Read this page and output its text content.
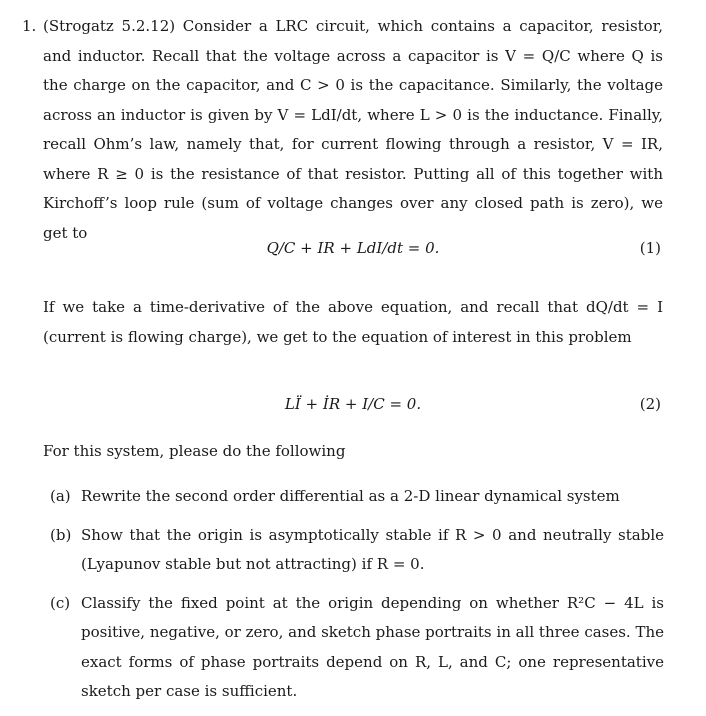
1. (Strogatz 5.2.12) Consider a LRC circuit, which contains a capacitor, resistor, and inductor. Recall that the voltage across a capacitor is V = Q/C where Q is the charge on the capacitor, and C > 0 is the capacitance. Similarly, the voltage across an inductor is given by V = LdI/dt, where L > 0 is the inductance. Finally, recall Ohm’s law, namely that, for current flowing through a resistor, V = IR, where R ≥ 0 is the resistance of that resistor. Putting all of this together with Kirchoff’s loop rule (sum of voltage changes over any closed path is zero), we get to

Q/C + IR + LdI/dt = 0.	(1)

If we take a time-derivative of the above equation, and recall that dQ/dt = I (current is flowing charge), we get to the equation of interest in this problem

LÏ + İR + I/C = 0.	(2)

For this system, please do the following

(a) Rewrite the second order differential as a 2-D linear dynamical system
(b) Show that the origin is asymptotically stable if R > 0 and neutrally stable (Lyapunov stable but not attracting) if R = 0.
(c) Classify the fixed point at the origin depending on whether R²C − 4L is positive, negative, or zero, and sketch phase portraits in all three cases. The exact forms of phase portraits depend on R, L, and C; one representative sketch per case is sufficient.
